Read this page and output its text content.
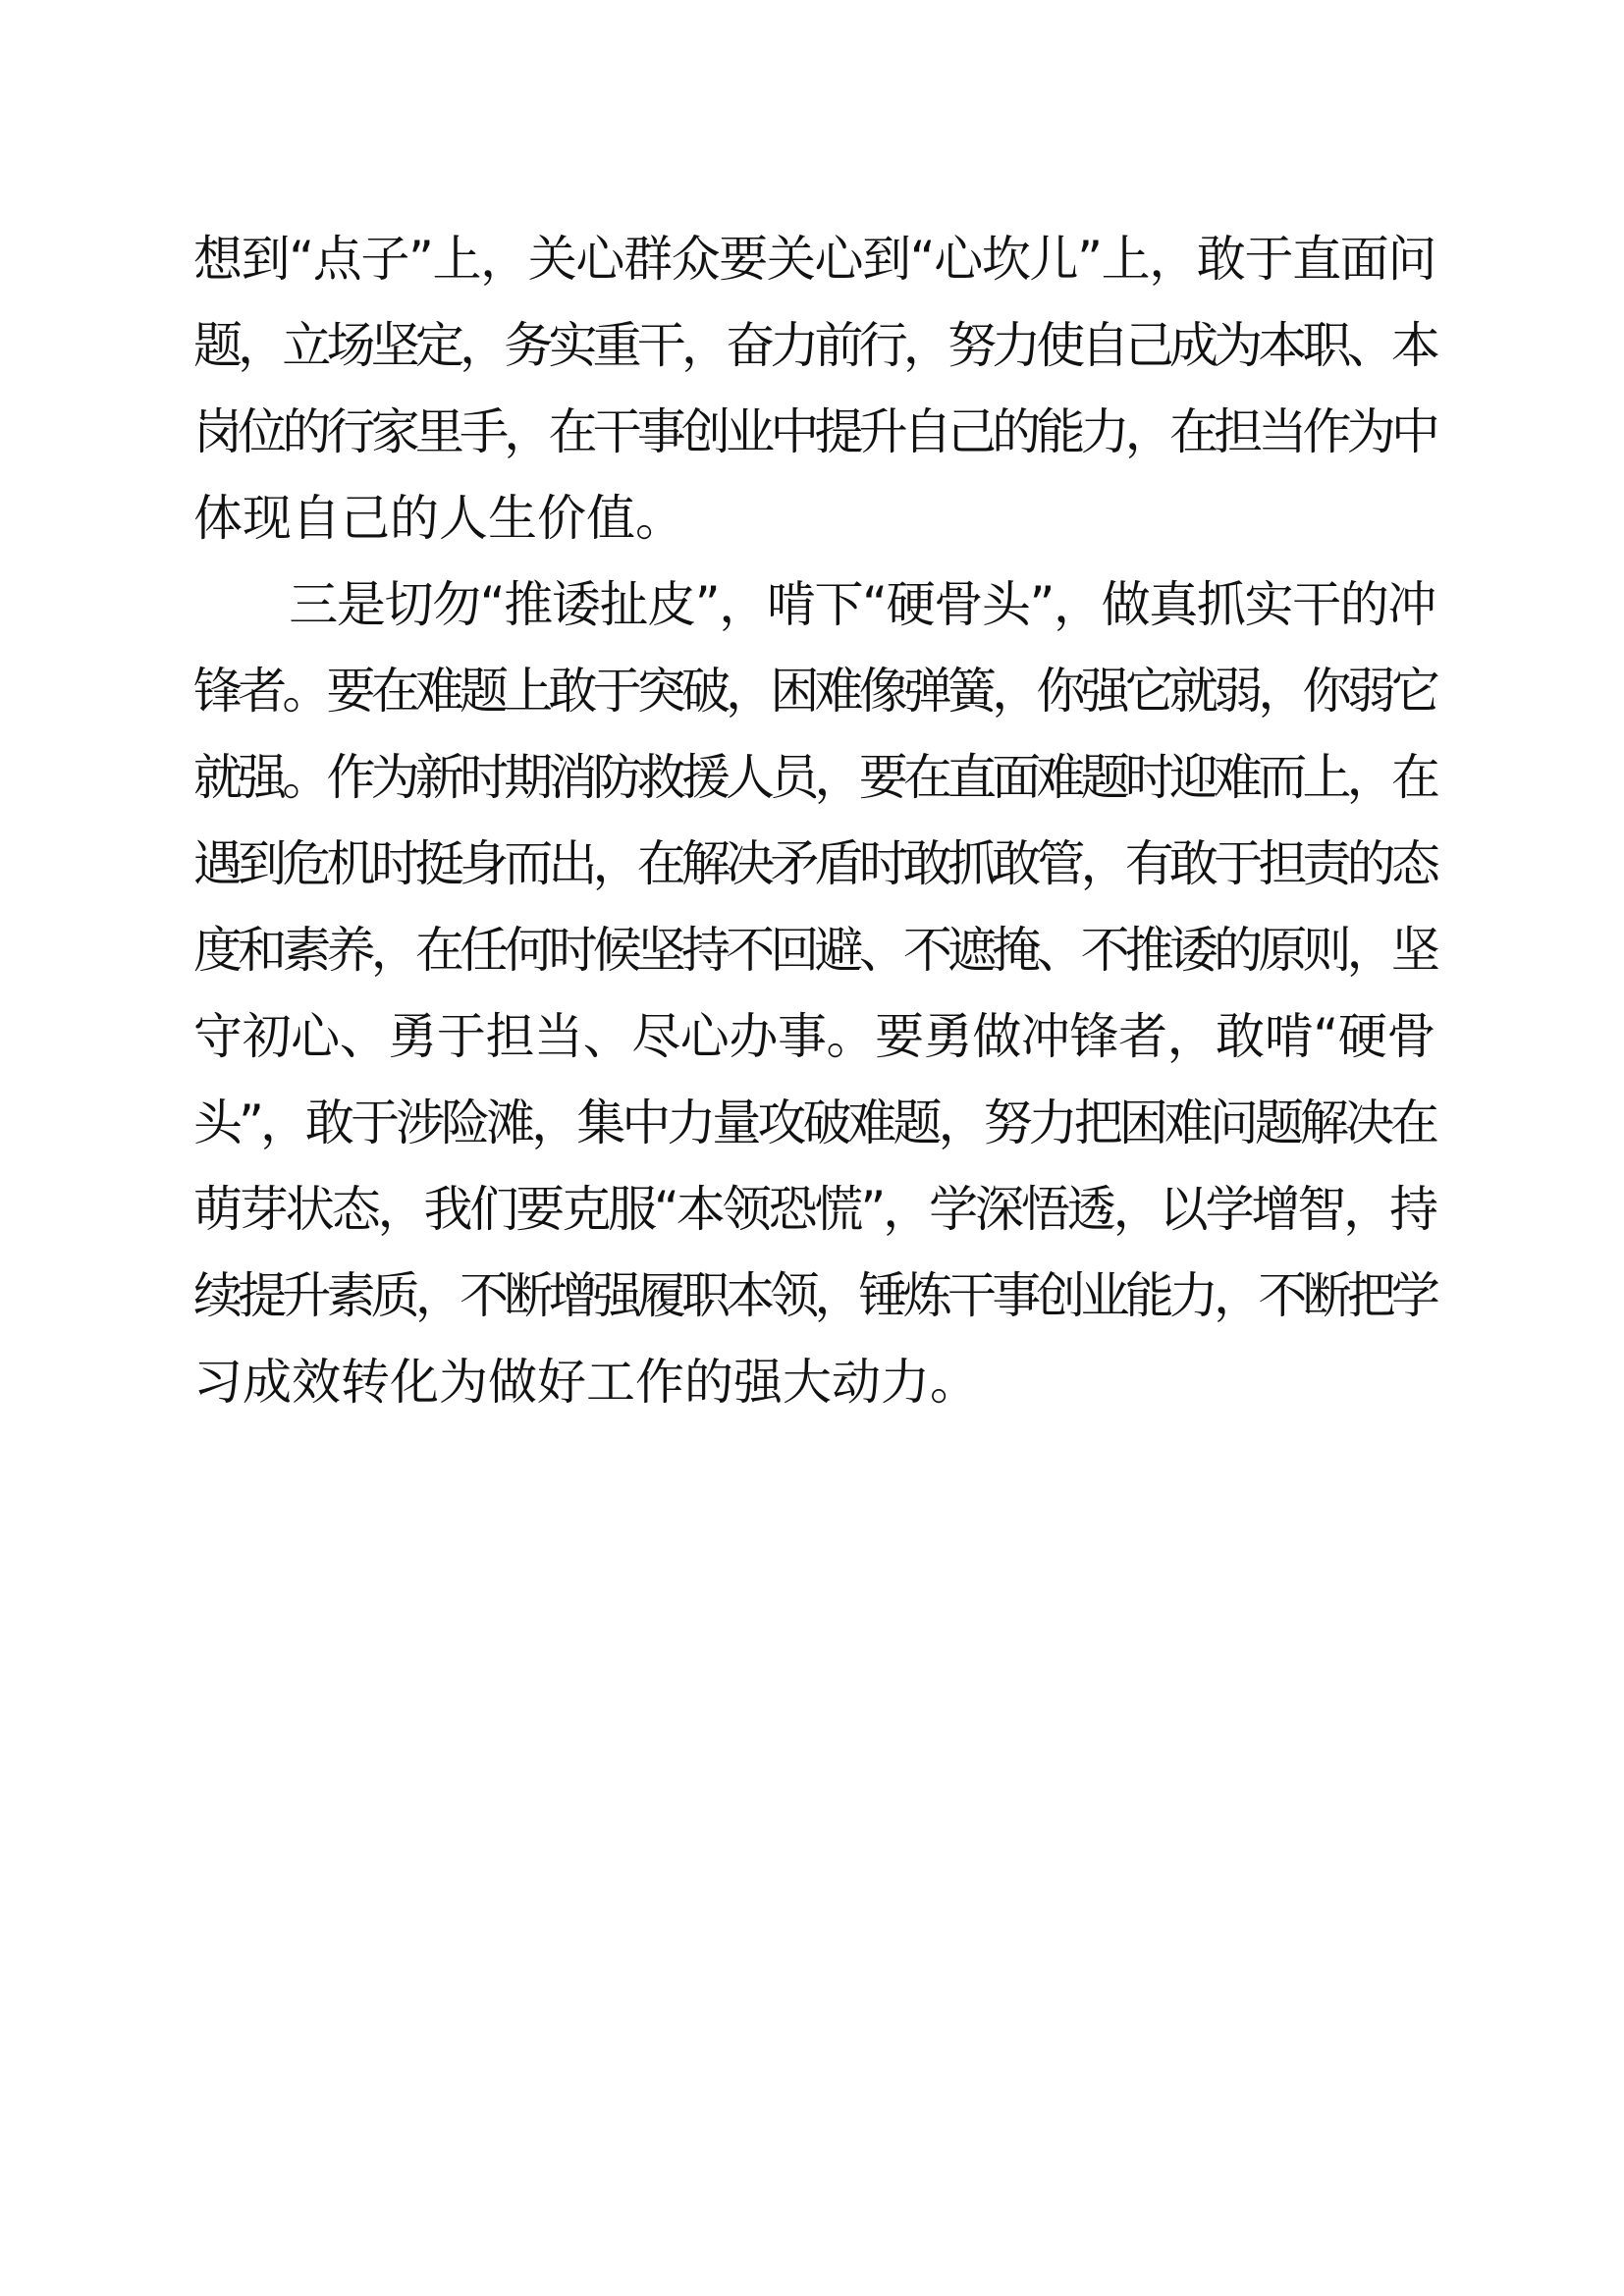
想到“点子”上，关心群众要关心到“心坎儿”上，敢于直面问
题，立场坚定，务实重干，奋力前行，努力使自己成为本职、本
岗位的行家里手，在干事创业中提升自己的能力，在担当作为中
体现自己的人生价值。
　　三是切勿“推诿扯皮”，啃下“硬骨头”，做真抓实干的冲
锋者。要在难题上敢于突破，困难像弹簧，你强它就弱，你弱它
就强。作为新时期消防救援人员，要在直面难题时迎难而上，在
遇到危机时挺身而出，在解决矛盾时敢抓敢管，有敢于担责的态
度和素养，在任何时候坚持不回避、不遮掩、不推诿的原则，坚
守初心、勇于担当、尽心办事。要勇做冲锋者，敢啃“硬骨
头”，敢于涉险滩，集中力量攻破难题，努力把困难问题解决在
萌芽状态，我们要克服“本领恐慌”，学深悟透，以学增智，持
续提升素质，不断增强履职本领，锤炼干事创业能力，不断把学
习成效转化为做好工作的强大动力。
